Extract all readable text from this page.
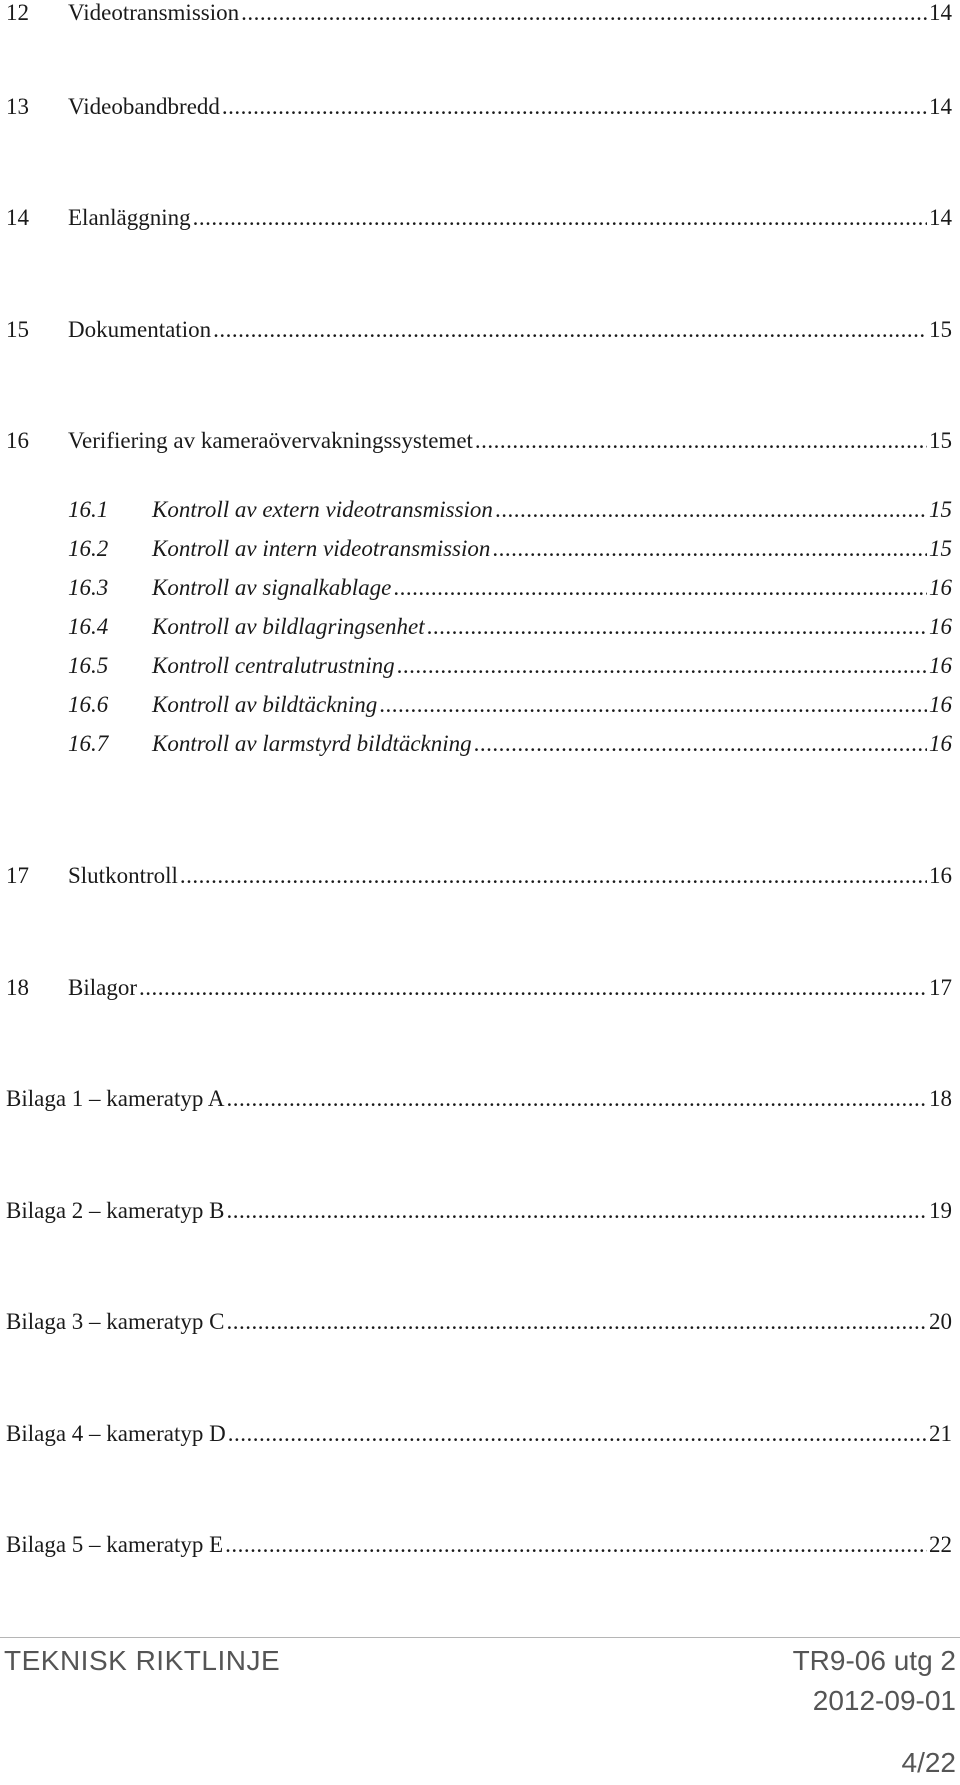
12	Videotransmission .....	14
13	Videobandbredd .....	14
14	Elanläggning .....	14
15	Dokumentation .....	15
16	Verifiering av kameraövervakningssystemet .....	15
16.1	Kontroll av extern videotransmission .....	15
16.2	Kontroll av intern videotransmission .....	15
16.3	Kontroll av signalkablage .....	16
16.4	Kontroll av bildlagringsenhet .....	16
16.5	Kontroll centralutrustning .....	16
16.6	Kontroll av bildtäckning .....	16
16.7	Kontroll av larmstyrd bildtäckning .....	16
17	Slutkontroll .....	16
18	Bilagor .....	17
Bilaga 1 – kameratyp A .....	18
Bilaga 2 – kameratyp B .....	19
Bilaga 3 – kameratyp C .....	20
Bilaga 4 – kameratyp D .....	21
Bilaga 5 – kameratyp E .....	22
TEKNISK RIKTLINJE	TR9-06 utg 2
2012-09-01
4/22
